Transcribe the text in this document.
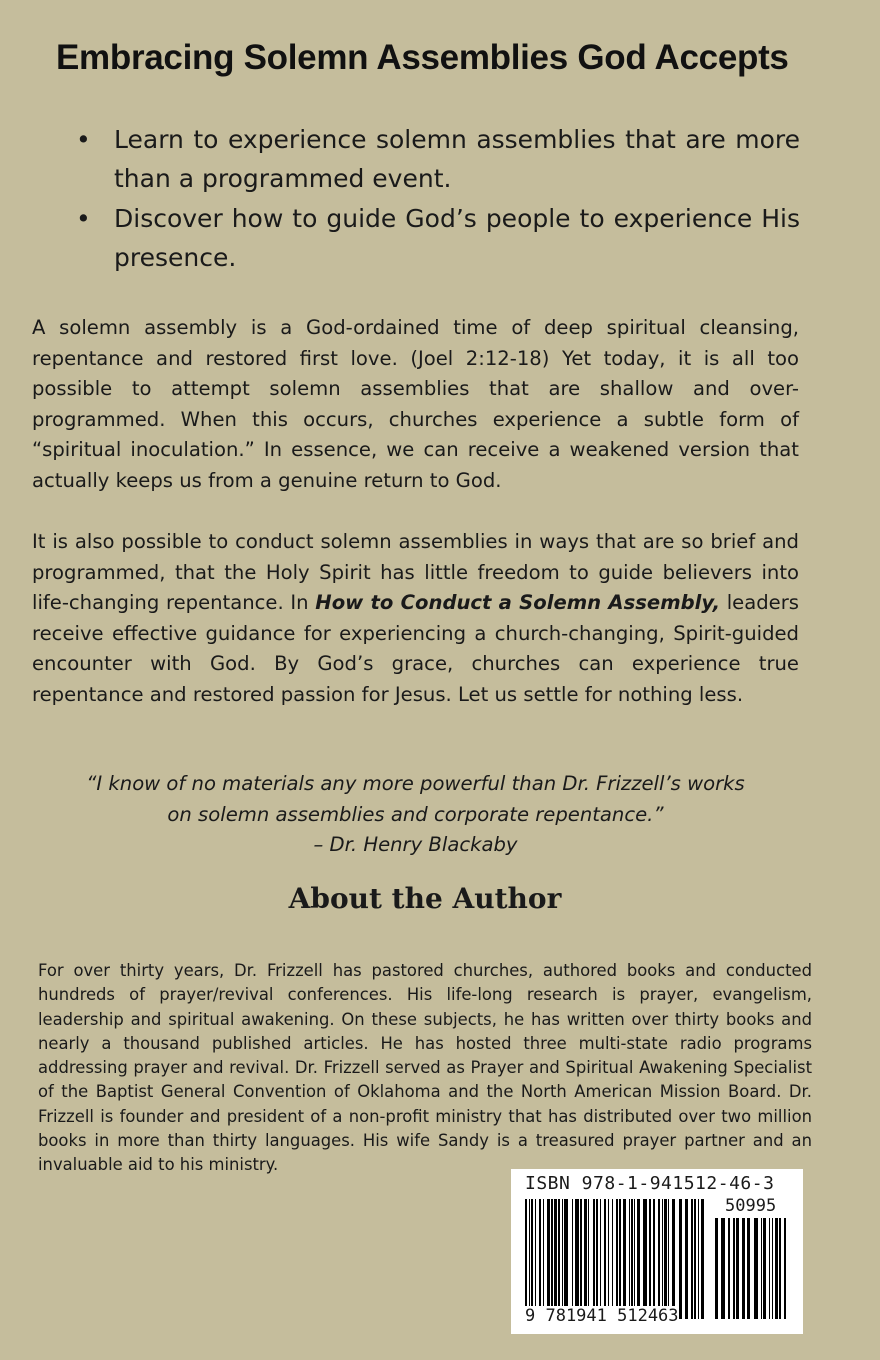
Embracing Solemn Assemblies God Accepts
• Learn to experience solemn assemblies that are more than a programmed event.
• Discover how to guide God’s people to experience His presence.
A solemn assembly is a God-ordained time of deep spiritual cleansing, repentance and restored first love. (Joel 2:12-18) Yet today, it is all too possible to attempt solemn assemblies that are shallow and over-programmed. When this occurs, churches experience a subtle form of “spiritual inoculation.” In essence, we can receive a weakened version that actually keeps us from a genuine return to God.
It is also possible to conduct solemn assemblies in ways that are so brief and programmed, that the Holy Spirit has little freedom to guide believers into life-changing repentance. In How to Conduct a Solemn Assembly, leaders receive effective guidance for experiencing a church-changing, Spirit-guided encounter with God. By God’s grace, churches can experience true repentance and restored passion for Jesus. Let us settle for nothing less.
“I know of no materials any more powerful than Dr. Frizzell’s works
on solemn assemblies and corporate repentance.”
– Dr. Henry Blackaby
About the Author
For over thirty years, Dr. Frizzell has pastored churches, authored books and conducted hundreds of prayer/revival conferences. His life-long research is prayer, evangelism, leadership and spiritual awakening. On these subjects, he has written over thirty books and nearly a thousand published articles. He has hosted three multi-state radio programs addressing prayer and revival. Dr. Frizzell served as Prayer and Spiritual Awakening Specialist of the Baptist General Convention of Oklahoma and the North American Mission Board. Dr. Frizzell is founder and president of a non-profit ministry that has distributed over two million books in more than thirty languages. His wife Sandy is a treasured prayer partner and an invaluable aid to his ministry.
ISBN 978-1-941512-46-3
50995
9 781941 512463
